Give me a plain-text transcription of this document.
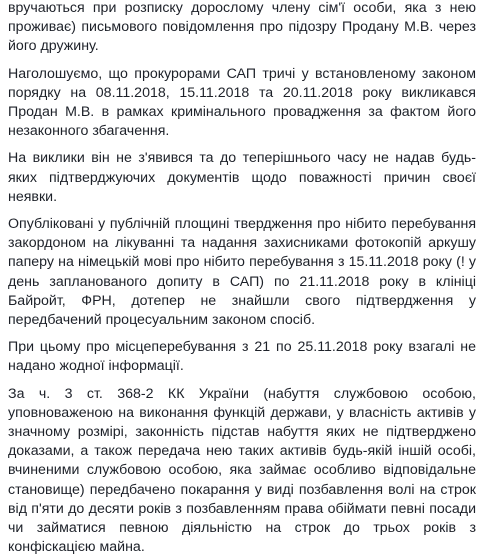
вручаються при розписку дорослому члену сім'ї особи, яка з нею проживає) письмового повідомлення про підозру Продану М.В. через його дружину.

Наголошуємо, що прокурорами САП тричі у встановленому законом порядку на 08.11.2018, 15.11.2018 та 20.11.2018 року викликався Продан М.В. в рамках кримінального провадження за фактом його незаконного збагачення.

На виклики він не з'явився та до теперішнього часу не надав будь-яких підтверджуючих документів щодо поважності причин своєї неявки.

Опубліковані у публічній площині твердження про нібито перебування закордоном на лікуванні та надання захисниками фотокопій аркушу паперу на німецькій мові про нібито перебування з 15.11.2018 року (! у день запланованого допиту в САП) по 21.11.2018 року в клініці Байройт, ФРН, дотепер не знайшли свого підтвердження у передбачений процесуальним законом спосіб.

При цьому про місцеперебування з 21 по 25.11.2018 року взагалі не надано жодної інформації.

За ч. 3 ст. 368-2 КК України (набуття службовою особою, уповноваженою на виконання функцій держави, у власність активів у значному розмірі, законність підстав набуття яких не підтверджено доказами, а також передача нею таких активів будь-якій іншій особі, вчиненими службовою особою, яка займає особливо відповідальне становище) передбачено покарання у виді позбавлення волі на строк від п'яти до десяти років з позбавленням права обіймати певні посади чи займатися певною діяльністю на строк до трьох років з конфіскацією майна.
